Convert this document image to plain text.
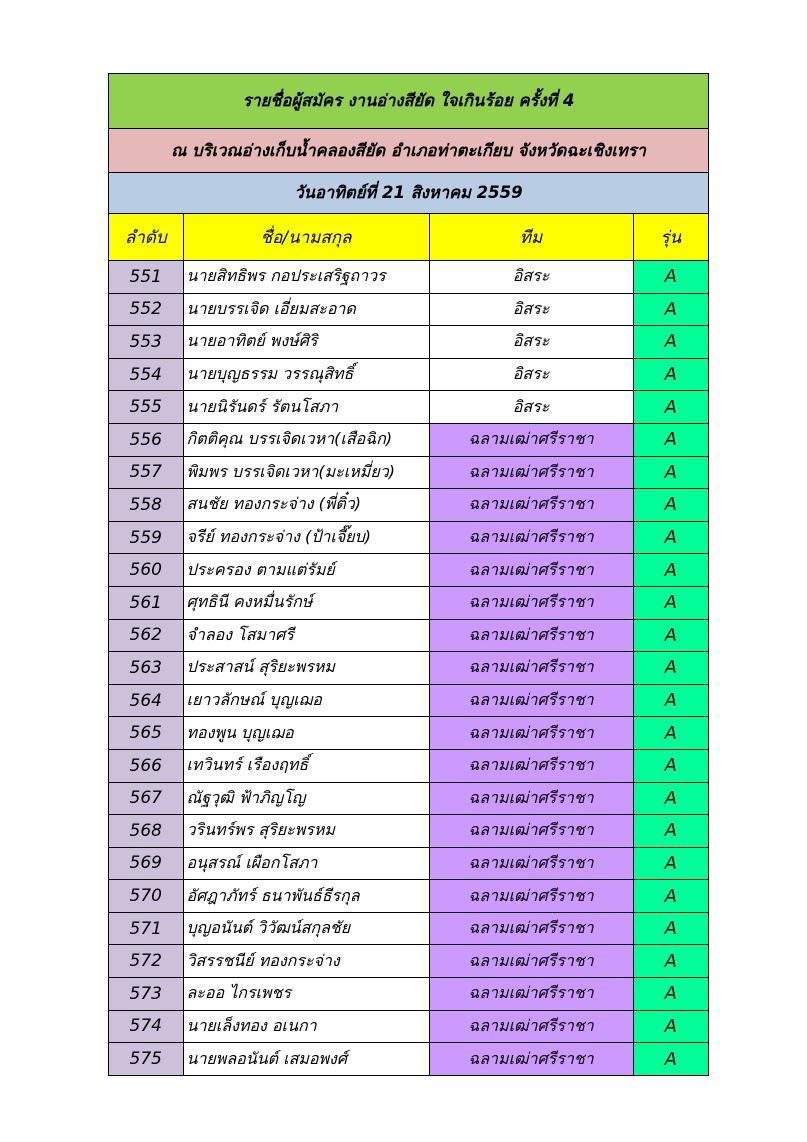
รายชื่อผู้สมัคร งานอ่างสียัด ใจเกินร้อย ครั้งที่ 4
ณ บริเวณอ่างเก็บน้ำคลองสียัด อำเภอท่าตะเกียบ จังหวัดฉะเชิงเทรา
วันอาทิตย์ที่ 21 สิงหาคม 2559
ลำดับ	ชื่อ/นามสกุล	ทีม	รุ่น
551	นายสิทธิพร กอประเสริฐถาวร	อิสระ	A
552	นายบรรเจิด เอี่ยมสะอาด	อิสระ	A
553	นายอาทิตย์ พงษ์ศิริ	อิสระ	A
554	นายบุญธรรม วรรณุสิทธิ์	อิสระ	A
555	นายนิรันดร์ รัตนโสภา	อิสระ	A
556	กิตติคุณ บรรเจิดเวหา(เสือฉิก)	ฉลามเฒ่าศรีราชา	A
557	พิมพร บรรเจิดเวหา(มะเหมี่ยว)	ฉลามเฒ่าศรีราชา	A
558	สนชัย ทองกระจ่าง (พี่ติ๋ว)	ฉลามเฒ่าศรีราชา	A
559	จรีย์ ทองกระจ่าง (ป้าเจี๊ยบ)	ฉลามเฒ่าศรีราชา	A
560	ประครอง ตามแต่รัมย์	ฉลามเฒ่าศรีราชา	A
561	ศุทธินี คงหมื่นรักษ์	ฉลามเฒ่าศรีราชา	A
562	จำลอง โสมาศรี	ฉลามเฒ่าศรีราชา	A
563	ประสาสน์ สุริยะพรหม	ฉลามเฒ่าศรีราชา	A
564	เยาวลักษณ์ บุญเฌอ	ฉลามเฒ่าศรีราชา	A
565	ทองพูน บุญเฌอ	ฉลามเฒ่าศรีราชา	A
566	เทวินทร์ เรืองฤทธิ์	ฉลามเฒ่าศรีราชา	A
567	ณัฐวุฒิ ฟ้าภิญโญ	ฉลามเฒ่าศรีราชา	A
568	วรินทร์พร สุริยะพรหม	ฉลามเฒ่าศรีราชา	A
569	อนุสรณ์ เผือกโสภา	ฉลามเฒ่าศรีราชา	A
570	อัศฎาภัทร์ ธนาพันธ์ธีรกุล	ฉลามเฒ่าศรีราชา	A
571	บุญอนันต์ วิวัฒน์สกุลชัย	ฉลามเฒ่าศรีราชา	A
572	วิสรรชนีย์ ทองกระจ่าง	ฉลามเฒ่าศรีราชา	A
573	ละออ ไกรเพชร	ฉลามเฒ่าศรีราชา	A
574	นายเล็งทอง อเนกา	ฉลามเฒ่าศรีราชา	A
575	นายพลอนันต์ เสมอพงศ์	ฉลามเฒ่าศรีราชา	A
